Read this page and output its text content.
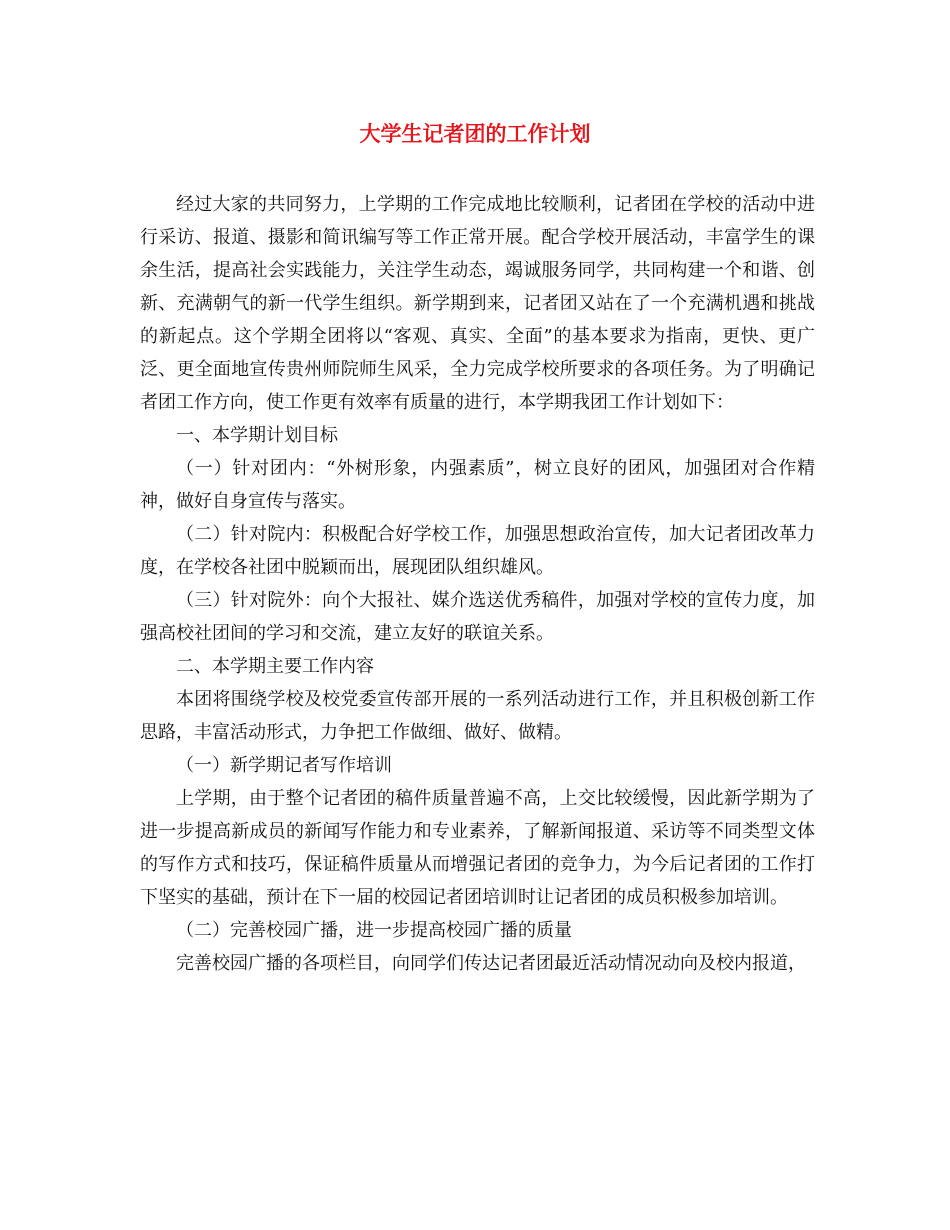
大学生记者团的工作计划

经过大家的共同努力，上学期的工作完成地比较顺利，记者团在学校的活动中进行采访、报道、摄影和简讯编写等工作正常开展。配合学校开展活动，丰富学生的课余生活，提高社会实践能力，关注学生动态，竭诚服务同学，共同构建一个和谐、创新、充满朝气的新一代学生组织。新学期到来，记者团又站在了一个充满机遇和挑战的新起点。这个学期全团将以“客观、真实、全面”的基本要求为指南，更快、更广泛、更全面地宣传贵州师院师生风采，全力完成学校所要求的各项任务。为了明确记者团工作方向，使工作更有效率有质量的进行，本学期我团工作计划如下：

一、本学期计划目标

（一）针对团内：“外树形象，内强素质”，树立良好的团风，加强团对合作精神，做好自身宣传与落实。

（二）针对院内：积极配合好学校工作，加强思想政治宣传，加大记者团改革力度，在学校各社团中脱颖而出，展现团队组织雄风。

（三）针对院外：向个大报社、媒介选送优秀稿件，加强对学校的宣传力度，加强高校社团间的学习和交流，建立友好的联谊关系。

二、本学期主要工作内容

本团将围绕学校及校党委宣传部开展的一系列活动进行工作，并且积极创新工作思路，丰富活动形式，力争把工作做细、做好、做精。

（一）新学期记者写作培训

上学期，由于整个记者团的稿件质量普遍不高，上交比较缓慢，因此新学期为了进一步提高新成员的新闻写作能力和专业素养，了解新闻报道、采访等不同类型文体的写作方式和技巧，保证稿件质量从而增强记者团的竞争力，为今后记者团的工作打下坚实的基础，预计在下一届的校园记者团培训时让记者团的成员积极参加培训。

（二）完善校园广播，进一步提高校园广播的质量

完善校园广播的各项栏目，向同学们传达记者团最近活动情况动向及校内报道，
